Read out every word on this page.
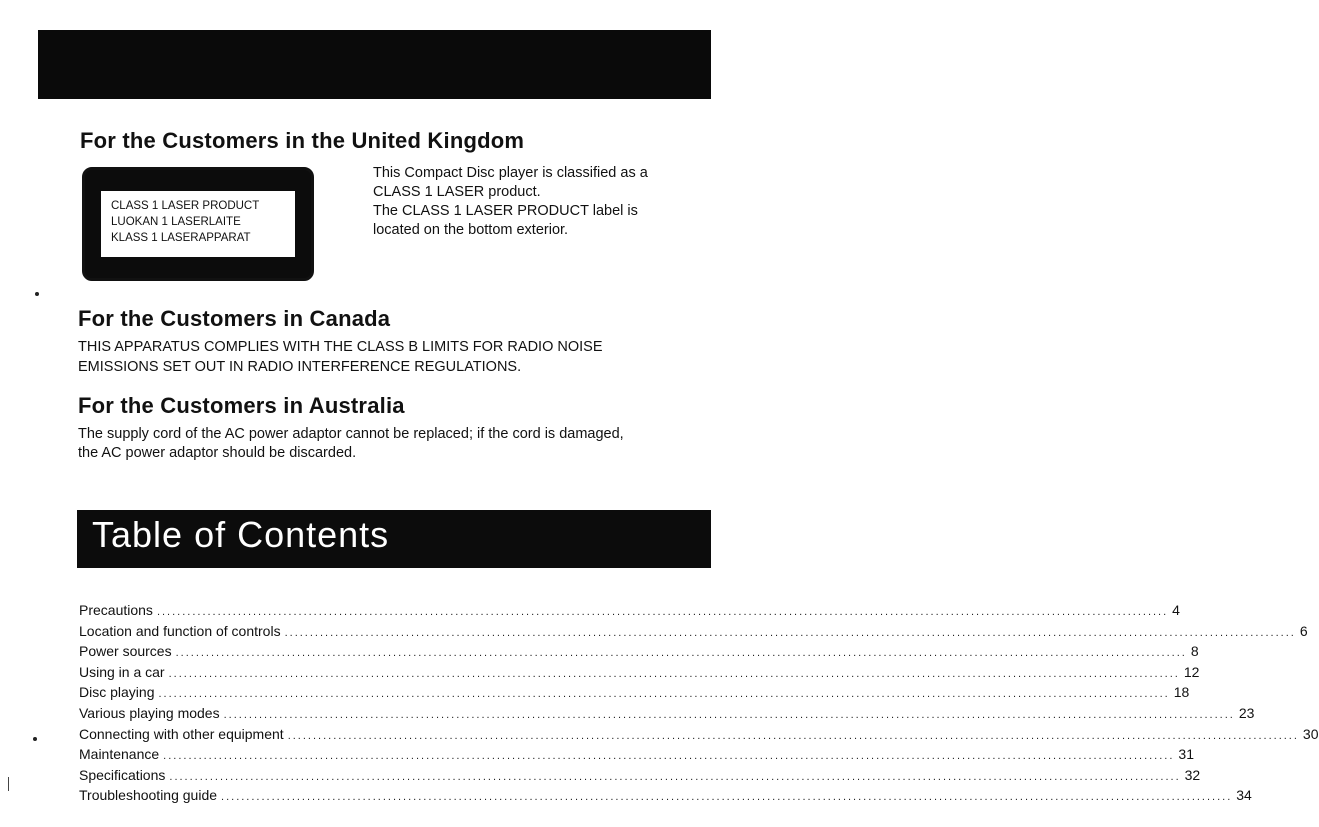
For the Customers in the United Kingdom
CLASS 1 LASER PRODUCT
LUOKAN 1 LASERLAITE
KLASS 1 LASERAPPARAT
This Compact Disc player is classified as a
CLASS 1 LASER product.
The CLASS 1 LASER PRODUCT label is
located on the bottom exterior.
For the Customers in Canada
THIS APPARATUS COMPLIES WITH THE CLASS B LIMITS FOR RADIO NOISE
EMISSIONS SET OUT IN RADIO INTERFERENCE REGULATIONS.
For the Customers in Australia
The supply cord of the AC power adaptor cannot be replaced; if the cord is damaged,
the AC power adaptor should be discarded.
Table of Contents
Precautions ........................................................................................................................................................................................................ 4
Location and function of controls ........................................................................................................................................................................................................ 6
Power sources ........................................................................................................................................................................................................ 8
Using in a car ........................................................................................................................................................................................................ 12
Disc playing ........................................................................................................................................................................................................ 18
Various playing modes ........................................................................................................................................................................................................ 23
Connecting with other equipment ........................................................................................................................................................................................................ 30
Maintenance ........................................................................................................................................................................................................ 31
Specifications ........................................................................................................................................................................................................ 32
Troubleshooting guide ........................................................................................................................................................................................................ 34
